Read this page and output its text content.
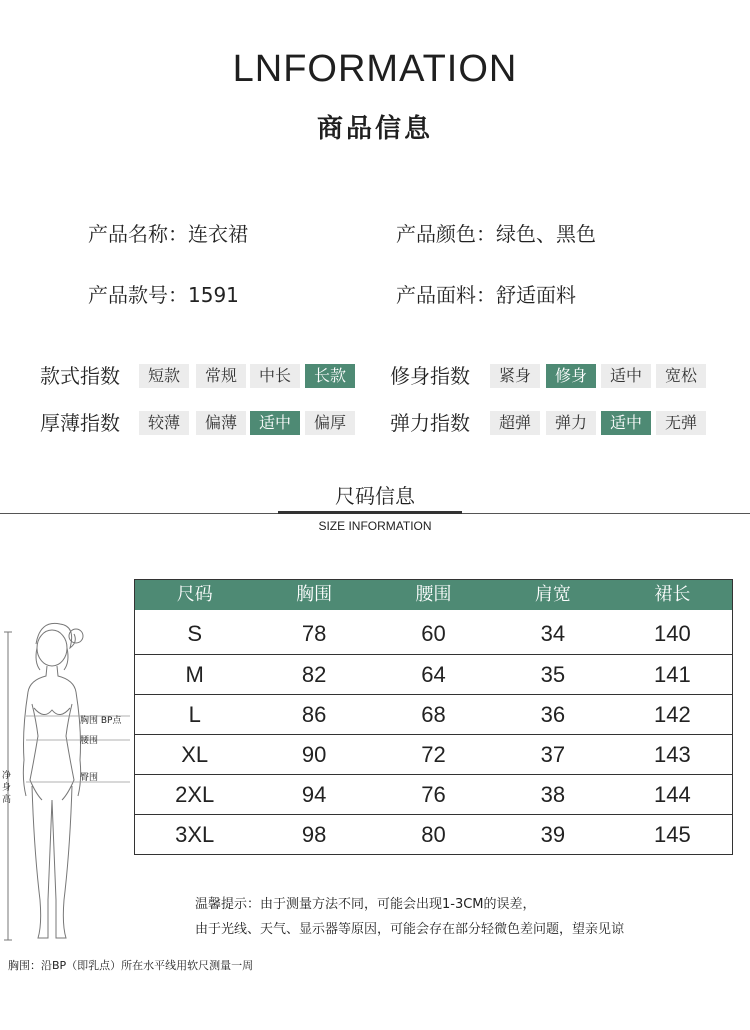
LNFORMATION
商品信息
产品名称：连衣裙	产品颜色：绿色、黑色
产品款号：1591	产品面料：舒适面料
款式指数	短款	常规	中长	长款	修身指数	紧身	修身	适中	宽松
厚薄指数	较薄	偏薄	适中	偏厚	弹力指数	超弹	弹力	适中	无弹
尺码信息
SIZE INFORMATION
胸围 BP点
腰围
臀围
净身高
尺码	胸围	腰围	肩宽	裙长
S	78	60	34	140
M	82	64	35	141
L	86	68	36	142
XL	90	72	37	143
2XL	94	76	38	144
3XL	98	80	39	145
温馨提示：由于测量方法不同，可能会出现1-3CM的误差，
由于光线、天气、显示器等原因，可能会存在部分轻微色差问题，望亲见谅
胸围：沿BP（即乳点）所在水平线用软尺测量一周
